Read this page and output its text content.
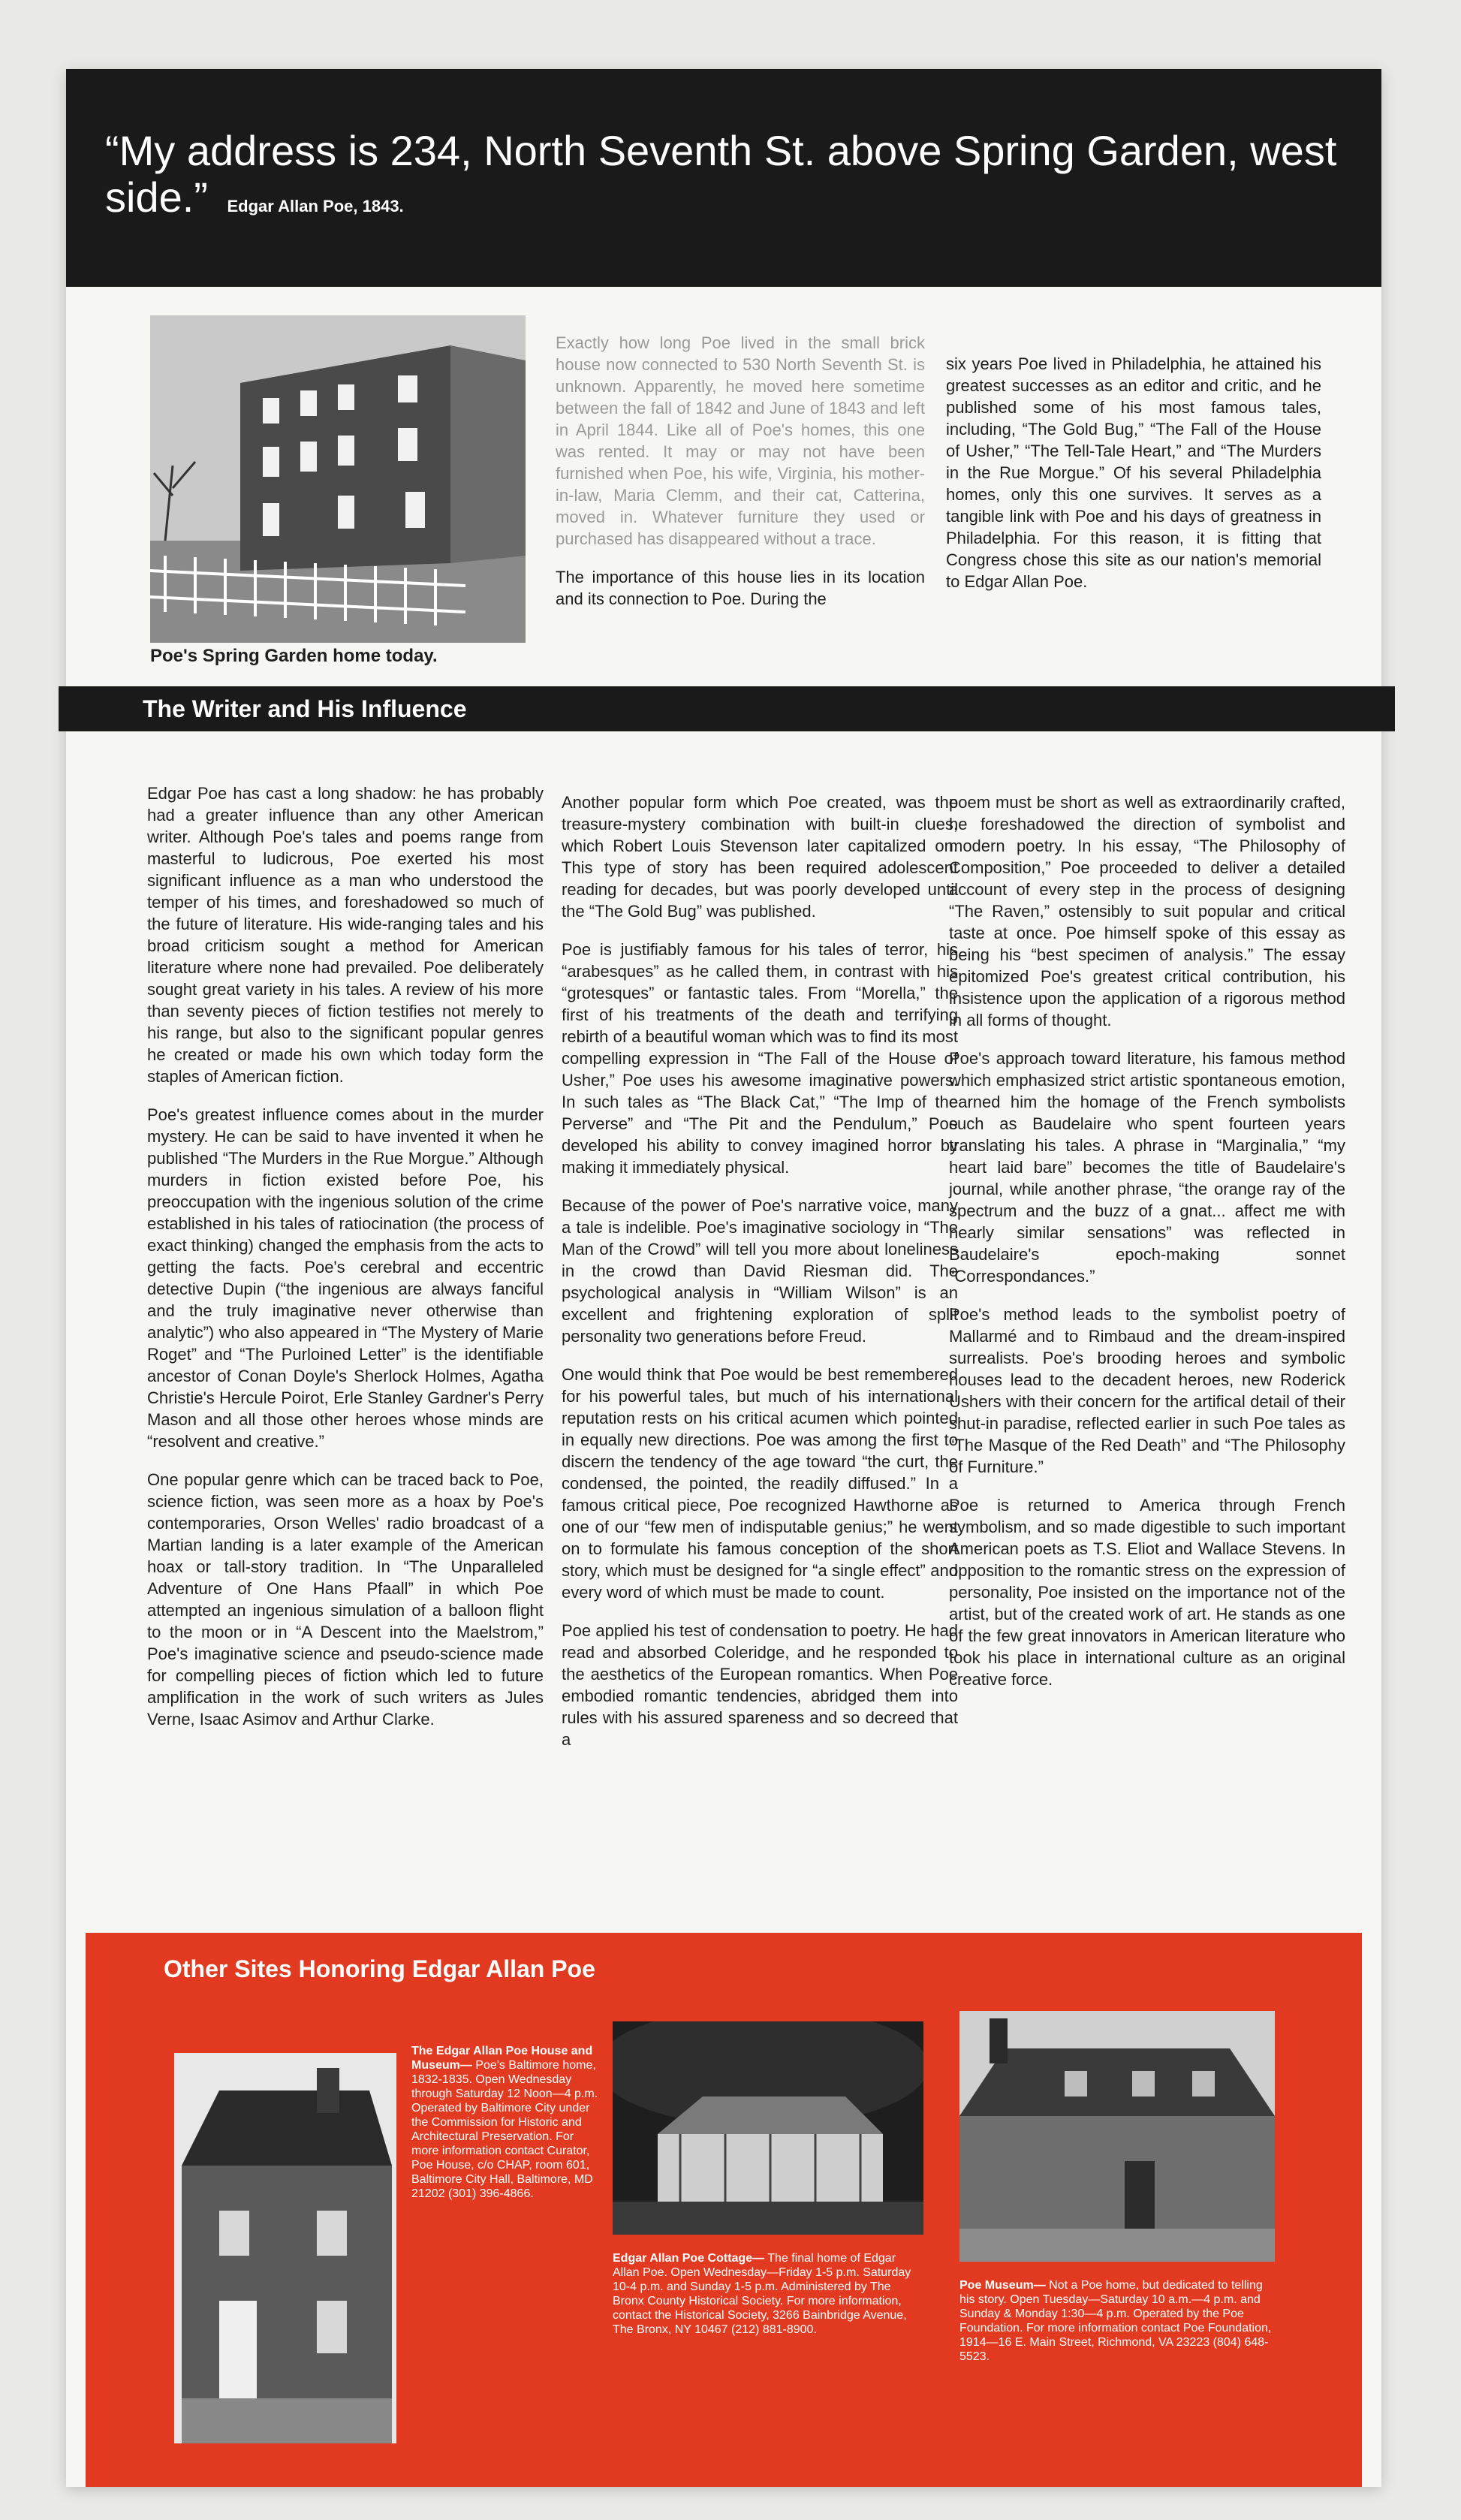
“My address is 234, North Seventh St. above Spring Garden, west side.” Edgar Allan Poe, 1843.
Poe's Spring Garden home today.

Exactly how long Poe lived in the small brick house now connected to 530 North Seventh St. is unknown. Apparently, he moved here sometime between the fall of 1842 and June of 1843 and left in April 1844. Like all of Poe's homes, this one was rented. It may or may not have been furnished when Poe, his wife, Virginia, his mother-in-law, Maria Clemm, and their cat, Catterina, moved in. Whatever furniture they used or purchased has disappeared without a trace.

The importance of this house lies in its location and its connection to Poe. During the

six years Poe lived in Philadelphia, he attained his greatest successes as an editor and critic, and he published some of his most famous tales, including, “The Gold Bug,” “The Fall of the House of Usher,” “The Tell-Tale Heart,” and “The Murders in the Rue Morgue.” Of his several Philadelphia homes, only this one survives. It serves as a tangible link with Poe and his days of greatness in Philadelphia. For this reason, it is fitting that Congress chose this site as our nation's memorial to Edgar Allan Poe.

The Writer and His Influence

Edgar Poe has cast a long shadow: he has probably had a greater influence than any other American writer. Although Poe's tales and poems range from masterful to ludicrous, Poe exerted his most significant influence as a man who understood the temper of his times, and foreshadowed so much of the future of literature. His wide-ranging tales and his broad criticism sought a method for American literature where none had prevailed. Poe deliberately sought great variety in his tales. A review of his more than seventy pieces of fiction testifies not merely to his range, but also to the significant popular genres he created or made his own which today form the staples of American fiction.

Poe's greatest influence comes about in the murder mystery. He can be said to have invented it when he published “The Murders in the Rue Morgue.” Although murders in fiction existed before Poe, his preoccupation with the ingenious solution of the crime established in his tales of ratiocination (the process of exact thinking) changed the emphasis from the acts to getting the facts. Poe's cerebral and eccentric detective Dupin (“the ingenious are always fanciful and the truly imaginative never otherwise than analytic”) who also appeared in “The Mystery of Marie Roget” and “The Purloined Letter” is the identifiable ancestor of Conan Doyle's Sherlock Holmes, Agatha Christie's Hercule Poirot, Erle Stanley Gardner's Perry Mason and all those other heroes whose minds are “resolvent and creative.”

One popular genre which can be traced back to Poe, science fiction, was seen more as a hoax by Poe's contemporaries, Orson Welles' radio broadcast of a Martian landing is a later example of the American hoax or tall-story tradition. In “The Unparalleled Adventure of One Hans Pfaall” in which Poe attempted an ingenious simulation of a balloon flight to the moon or in “A Descent into the Maelstrom,” Poe's imaginative science and pseudo-science made for compelling pieces of fiction which led to future amplification in the work of such writers as Jules Verne, Isaac Asimov and Arthur Clarke.

Another popular form which Poe created, was the treasure-mystery combination with built-in clues, which Robert Louis Stevenson later capitalized on. This type of story has been required adolescent reading for decades, but was poorly developed until the “The Gold Bug” was published.

Poe is justifiably famous for his tales of terror, his “arabesques” as he called them, in contrast with his “grotesques” or fantastic tales. From “Morella,” the first of his treatments of the death and terrifying rebirth of a beautiful woman which was to find its most compelling expression in “The Fall of the House of Usher,” Poe uses his awesome imaginative powers. In such tales as “The Black Cat,” “The Imp of the Perverse” and “The Pit and the Pendulum,” Poe developed his ability to convey imagined horror by making it immediately physical.

Because of the power of Poe's narrative voice, many a tale is indelible. Poe's imaginative sociology in “The Man of the Crowd” will tell you more about loneliness in the crowd than David Riesman did. The psychological analysis in “William Wilson” is an excellent and frightening exploration of split personality two generations before Freud.

One would think that Poe would be best remembered for his powerful tales, but much of his international reputation rests on his critical acumen which pointed in equally new directions. Poe was among the first to discern the tendency of the age toward “the curt, the condensed, the pointed, the readily diffused.” In a famous critical piece, Poe recognized Hawthorne as one of our “few men of indisputable genius;” he went on to formulate his famous conception of the short story, which must be designed for “a single effect” and every word of which must be made to count.

Poe applied his test of condensation to poetry. He had read and absorbed Coleridge, and he responded to the aesthetics of the European romantics. When Poe embodied romantic tendencies, abridged them into rules with his assured spareness and so decreed that a

poem must be short as well as extraordinarily crafted, he foreshadowed the direction of symbolist and modern poetry. In his essay, “The Philosophy of Composition,” Poe proceeded to deliver a detailed account of every step in the process of designing “The Raven,” ostensibly to suit popular and critical taste at once. Poe himself spoke of this essay as being his “best specimen of analysis.” The essay epitomized Poe's greatest critical contribution, his insistence upon the application of a rigorous method in all forms of thought.

Poe's approach toward literature, his famous method which emphasized strict artistic spontaneous emotion, earned him the homage of the French symbolists such as Baudelaire who spent fourteen years translating his tales. A phrase in “Marginalia,” “my heart laid bare” becomes the title of Baudelaire's journal, while another phrase, “the orange ray of the spectrum and the buzz of a gnat... affect me with nearly similar sensations” was reflected in Baudelaire's epoch-making sonnet “Correspondances.”

Poe's method leads to the symbolist poetry of Mallarmé and to Rimbaud and the dream-inspired surrealists. Poe's brooding heroes and symbolic houses lead to the decadent heroes, new Roderick Ushers with their concern for the artifical detail of their shut-in paradise, reflected earlier in such Poe tales as “The Masque of the Red Death” and “The Philosophy of Furniture.”

Poe is returned to America through French symbolism, and so made digestible to such important American poets as T.S. Eliot and Wallace Stevens. In opposition to the romantic stress on the expression of personality, Poe insisted on the importance not of the artist, but of the created work of art. He stands as one of the few great innovators in American literature who took his place in international culture as an original creative force.

Other Sites Honoring Edgar Allan Poe
The Edgar Allan Poe House and Museum— Poe's Baltimore home, 1832-1835. Open Wednesday through Saturday 12 Noon—4 p.m. Operated by Baltimore City under the Commission for Historic and Architectural Preservation. For more information contact Curator, Poe House, c/o CHAP, room 601, Baltimore City Hall, Baltimore, MD 21202 (301) 396-4866.
Edgar Allan Poe Cottage— The final home of Edgar Allan Poe. Open Wednesday—Friday 1-5 p.m. Saturday 10-4 p.m. and Sunday 1-5 p.m. Administered by The Bronx County Historical Society. For more information, contact the Historical Society, 3266 Bainbridge Avenue, The Bronx, NY 10467 (212) 881-8900.
Poe Museum— Not a Poe home, but dedicated to telling his story. Open Tuesday—Saturday 10 a.m.—4 p.m. and Sunday & Monday 1:30—4 p.m. Operated by the Poe Foundation. For more information contact Poe Foundation, 1914—16 E. Main Street, Richmond, VA 23223 (804) 648-5523.
